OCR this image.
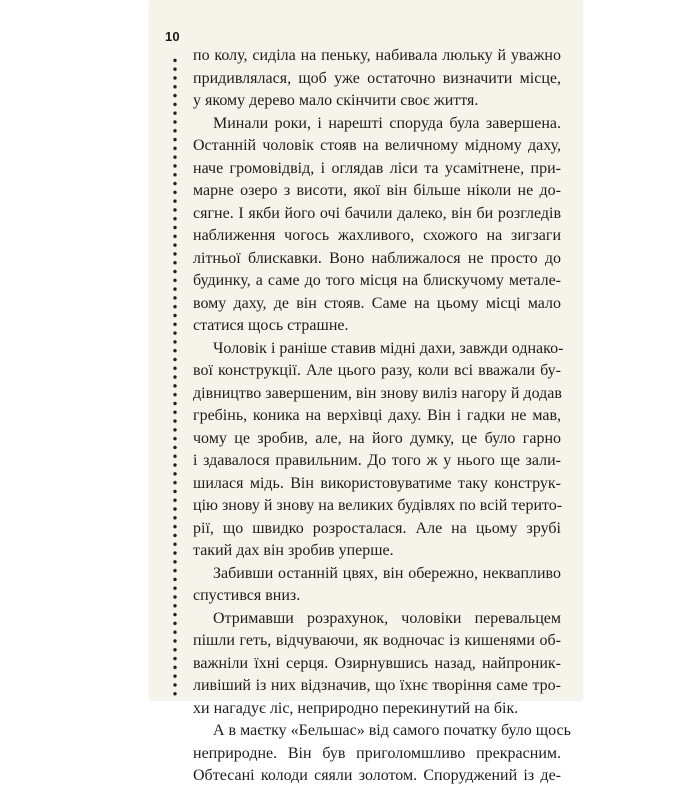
10
по колу, сиділа на пеньку, набивала люльку й уважно
придивлялася, щоб уже остаточно визначити місце,
у якому дерево мало скінчити своє життя.
Минали роки, і нарешті споруда була завершена.
Останній чоловік стояв на величному мідному даху,
наче громовідвід, і оглядав ліси та усамітнене, при-
марне озеро з висоти, якої він більше ніколи не до-
сягне. І якби його очі бачили далеко, він би розгледів
наближення чогось жахливого, схожого на зигзаги
літньої блискавки. Воно наближалося не просто до
будинку, а саме до того місця на блискучому метале-
вому даху, де він стояв. Саме на цьому місці мало
статися щось страшне.
Чоловік і раніше ставив мідні дахи, завжди однако-
вої конструкції. Але цього разу, коли всі вважали бу-
дівництво завершеним, він знову виліз нагору й додав
гребінь, коника на верхівці даху. Він і гадки не мав,
чому це зробив, але, на його думку, це було гарно
і здавалося правильним. До того ж у нього ще зали-
шилася мідь. Він використовуватиме таку конструк-
цію знову й знову на великих будівлях по всій терито-
рії, що швидко розросталася. Але на цьому зрубі
такий дах він зробив уперше.
Забивши останній цвях, він обережно, неквапливо
спустився вниз.
Отримавши розрахунок, чоловіки перевальцем
пішли геть, відчуваючи, як водночас із кишенями об-
важніли їхні серця. Озирнувшись назад, найпроник-
ливіший із них відзначив, що їхнє творіння саме тро-
хи нагадує ліс, неприродно перекинутий на бік.
А в маєтку «Бельшас» від самого початку було щось
неприродне. Він був приголомшливо прекрасним.
Обтесані колоди сяяли золотом. Споруджений із де-
